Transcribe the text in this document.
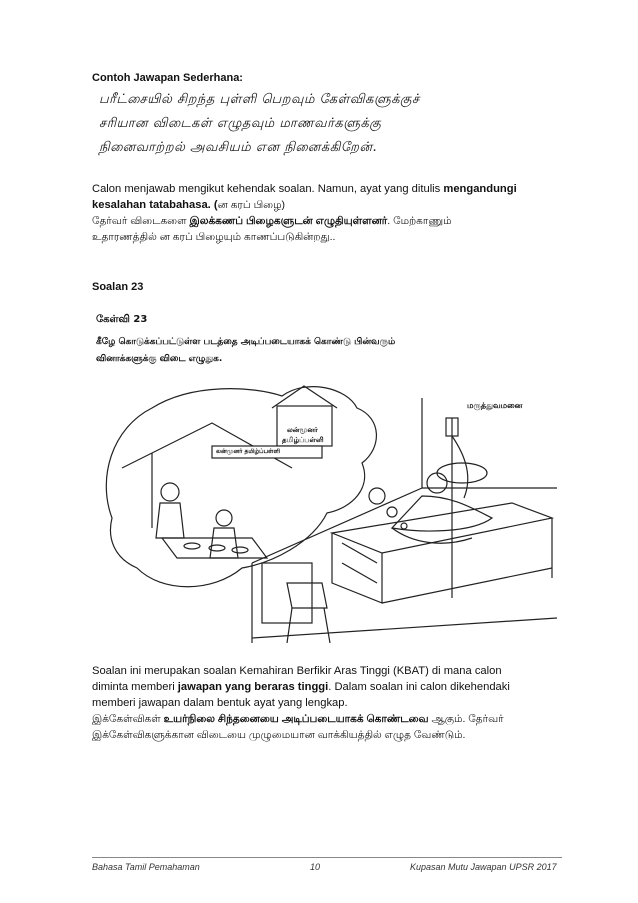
Contoh Jawapan Sederhana:
பரீட்சையில் சிறந்த புள்ளி பெறவும் கேள்விகளுக்குச்
சரியான விடைகள் எழுதவும் மாணவர்களுக்கு
நினைவாற்றல் அவசியம் என நினைக்கிறேன்.
Calon menjawab mengikut kehendak soalan. Namun, ayat yang ditulis mengandungi
kesalahan tatabahasa. (ன கரப் பிழை)
தேர்வர் விடைகளை இலக்கணப் பிழைகளுடன் எழுதியுள்ளனர். மேற்காணும்
உதாரணத்தில் ன கரப் பிழையும் காணப்படுகின்றது..
Soalan 23
கேள்வி 23
கீழே கொடுக்கப்பட்டுள்ள படத்தை அடிப்படையாகக் கொண்டு பின்வரும்
வினாக்களுக்கு விடை எழுதுக.
லன்மூனர்
தமிழ்ப்பள்ளி
லன்மூனர் தமிழ்ப்பள்ளி
மருத்துவமனை
Soalan ini merupakan soalan Kemahiran Berfikir Aras Tinggi (KBAT) di mana calon
diminta memberi jawapan yang beraras tinggi. Dalam soalan ini calon dikehendaki
memberi jawapan dalam bentuk ayat yang lengkap.
இக்கேள்விகள் உயர்நிலை சிந்தனையை அடிப்படையாகக் கொண்டவை ஆகும். தேர்வர்
இக்கேள்விகளுக்கான விடையை முழுமையான வாக்கியத்தில் எழுத வேண்டும்.
Bahasa Tamil Pemahaman	10	Kupasan Mutu Jawapan UPSR 2017
